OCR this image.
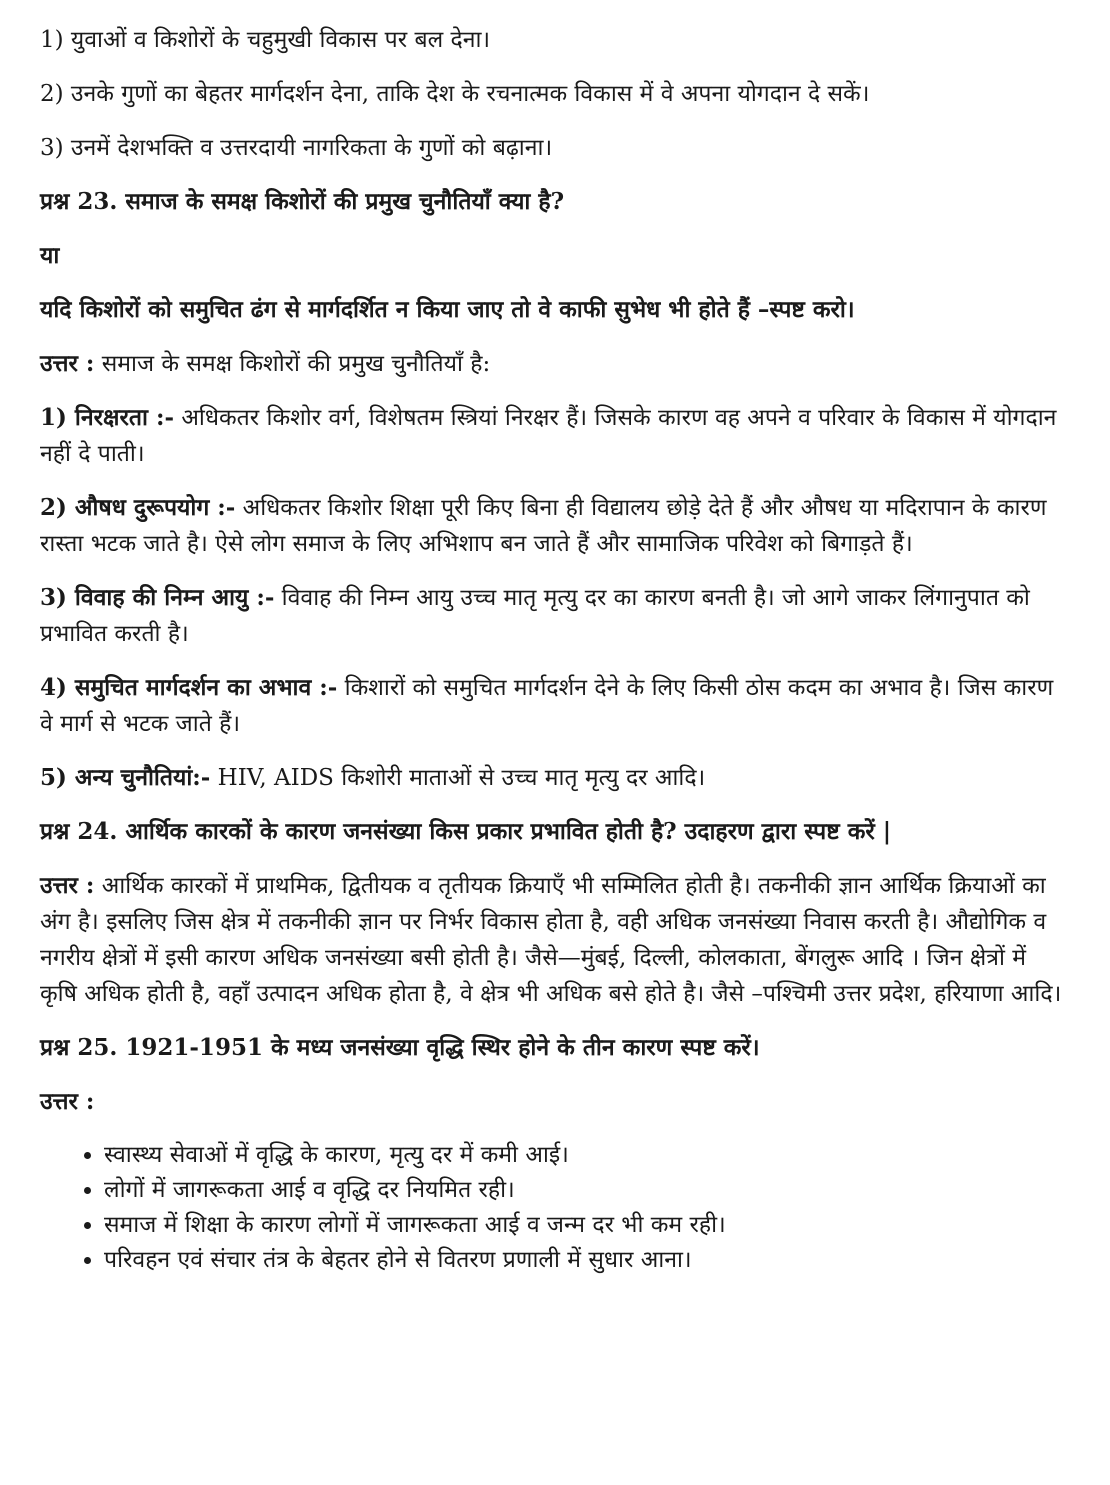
1) युवाओं व किशोरों के चहुमुखी विकास पर बल देना।

2) उनके गुणों का बेहतर मार्गदर्शन देना, ताकि देश के रचनात्मक विकास में वे अपना योगदान दे सकें।

3) उनमें देशभक्ति व उत्तरदायी नागरिकता के गुणों को बढ़ाना।

प्रश्न 23. समाज के समक्ष किशोरों की प्रमुख चुनौतियाँ क्या है?

या

यदि किशोरों को समुचित ढंग से मार्गदर्शित न किया जाए तो वे काफी सुभेध भी होते हैं –स्पष्ट करो।

उत्तर : समाज के समक्ष किशोरों की प्रमुख चुनौतियाँ है:

1) निरक्षरता :- अधिकतर किशोर वर्ग, विशेषतम स्त्रियां निरक्षर हैं। जिसके कारण वह अपने व परिवार के विकास में योगदान नहीं दे पाती।

2) औषध दुरूपयोग :- अधिकतर किशोर शिक्षा पूरी किए बिना ही विद्यालय छोड़े देते हैं और औषध या मदिरापान के कारण रास्ता भटक जाते है। ऐसे लोग समाज के लिए अभिशाप बन जाते हैं और सामाजिक परिवेश को बिगाड़ते हैं।

3) विवाह की निम्न आयु :- विवाह की निम्न आयु उच्च मातृ मृत्यु दर का कारण बनती है। जो आगे जाकर लिंगानुपात को प्रभावित करती है।

4) समुचित मार्गदर्शन का अभाव :- किशारों को समुचित मार्गदर्शन देने के लिए किसी ठोस कदम का अभाव है। जिस कारण वे मार्ग से भटक जाते हैं।

5) अन्य चुनौतियां:- HIV, AIDS किशोरी माताओं से उच्च मातृ मृत्यु दर आदि।

प्रश्न 24. आर्थिक कारकों के कारण जनसंख्या किस प्रकार प्रभावित होती है? उदाहरण द्वारा स्पष्ट करें |

उत्तर : आर्थिक कारकों में प्राथमिक, द्वितीयक व तृतीयक क्रियाएँ भी सम्मिलित होती है। तकनीकी ज्ञान आर्थिक क्रियाओं का अंग है। इसलिए जिस क्षेत्र में तकनीकी ज्ञान पर निर्भर विकास होता है, वही अधिक जनसंख्या निवास करती है। औद्योगिक व नगरीय क्षेत्रों में इसी कारण अधिक जनसंख्या बसी होती है। जैसे—मुंबई, दिल्ली, कोलकाता, बेंगलुरू आदि । जिन क्षेत्रों में कृषि अधिक होती है, वहाँ उत्पादन अधिक होता है, वे क्षेत्र भी अधिक बसे होते है। जैसे –पश्चिमी उत्तर प्रदेश, हरियाणा आदि।

प्रश्न 25. 1921-1951 के मध्य जनसंख्या वृद्धि स्थिर होने के तीन कारण स्पष्ट करें।

उत्तर :

• स्वास्थ्य सेवाओं में वृद्धि के कारण, मृत्यु दर में कमी आई।
• लोगों में जागरूकता आई व वृद्धि दर नियमित रही।
• समाज में शिक्षा के कारण लोगों में जागरूकता आई व जन्म दर भी कम रही।
• परिवहन एवं संचार तंत्र के बेहतर होने से वितरण प्रणाली में सुधार आना।
